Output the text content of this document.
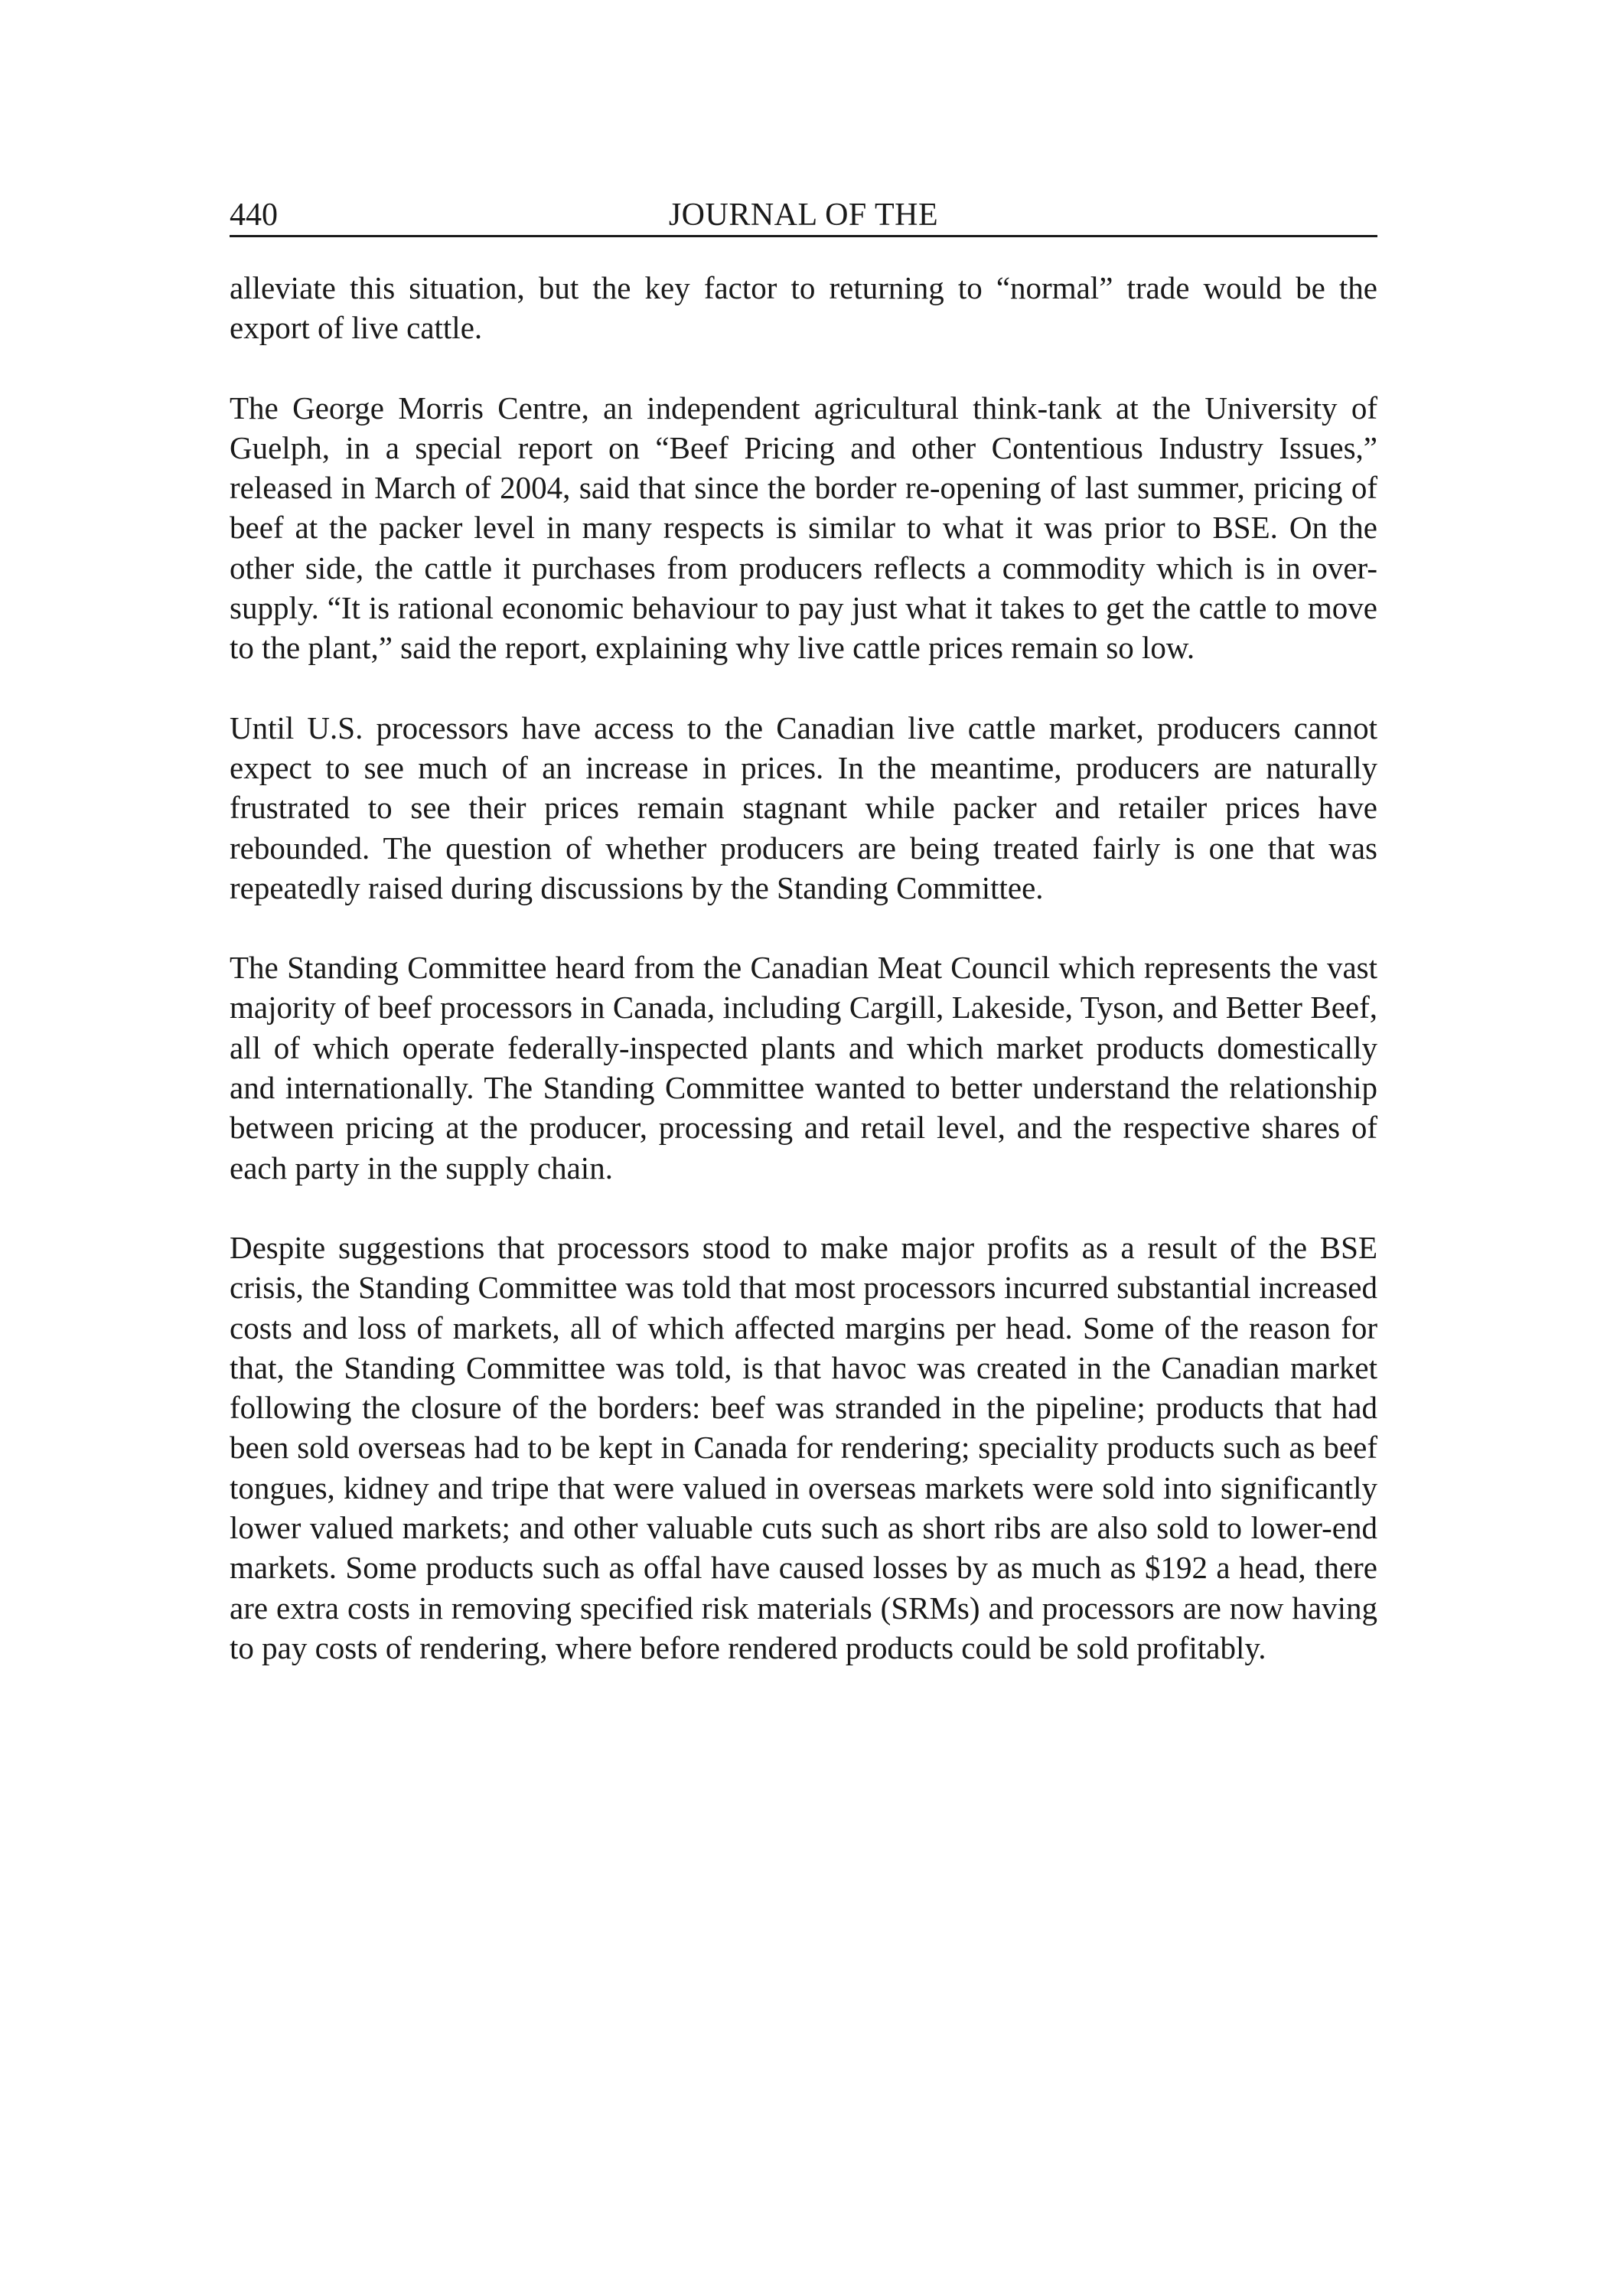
440	JOURNAL OF THE

alleviate this situation, but the key factor to returning to “normal” trade would be the export of live cattle.

The George Morris Centre, an independent agricultural think-tank at the University of Guelph, in a special report on “Beef Pricing and other Contentious Industry Issues,” released in March of 2004, said that since the border re-opening of last summer, pricing of beef at the packer level in many respects is similar to what it was prior to BSE. On the other side, the cattle it purchases from producers reflects a commodity which is in over-supply. “It is rational economic behaviour to pay just what it takes to get the cattle to move to the plant,” said the report, explaining why live cattle prices remain so low.

Until U.S. processors have access to the Canadian live cattle market, producers cannot expect to see much of an increase in prices. In the meantime, producers are naturally frustrated to see their prices remain stagnant while packer and retailer prices have rebounded. The question of whether producers are being treated fairly is one that was repeatedly raised during discussions by the Standing Committee.

The Standing Committee heard from the Canadian Meat Council which represents the vast majority of beef processors in Canada, including Cargill, Lakeside, Tyson, and Better Beef, all of which operate federally-inspected plants and which market products domestically and internationally. The Standing Committee wanted to better understand the relationship between pricing at the producer, processing and retail level, and the respective shares of each party in the supply chain.

Despite suggestions that processors stood to make major profits as a result of the BSE crisis, the Standing Committee was told that most processors incurred substantial increased costs and loss of markets, all of which affected margins per head. Some of the reason for that, the Standing Committee was told, is that havoc was created in the Canadian market following the closure of the borders: beef was stranded in the pipeline; products that had been sold overseas had to be kept in Canada for rendering; speciality products such as beef tongues, kidney and tripe that were valued in overseas markets were sold into significantly lower valued markets; and other valuable cuts such as short ribs are also sold to lower-end markets. Some products such as offal have caused losses by as much as $192 a head, there are extra costs in removing specified risk materials (SRMs) and processors are now having to pay costs of rendering, where before rendered products could be sold profitably.
